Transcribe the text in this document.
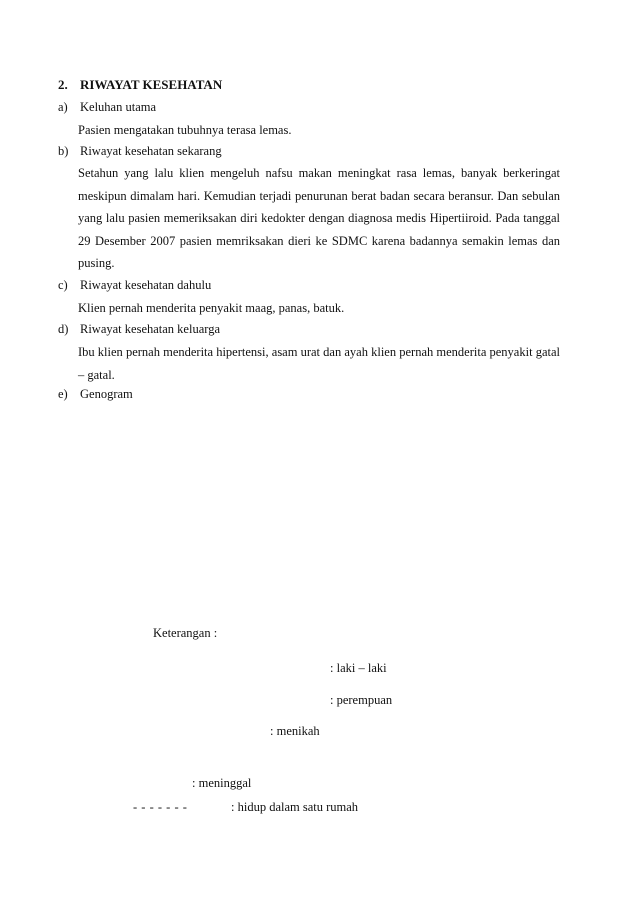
2. RIWAYAT KESEHATAN
a) Keluhan utama
Pasien mengatakan tubuhnya terasa lemas.
b) Riwayat kesehatan sekarang
Setahun yang lalu klien mengeluh nafsu makan meningkat rasa lemas, banyak berkeringat meskipun dimalam hari. Kemudian terjadi penurunan berat badan secara beransur. Dan sebulan yang lalu pasien memeriksakan diri kedokter dengan diagnosa medis Hipertiiroid. Pada tanggal 29 Desember 2007 pasien memriksakan dieri ke SDMC karena badannya semakin lemas dan pusing.
c) Riwayat kesehatan dahulu
Klien pernah menderita penyakit maag, panas, batuk.
d) Riwayat kesehatan keluarga
Ibu klien pernah menderita hipertensi, asam urat dan ayah klien pernah menderita penyakit gatal – gatal.
e) Genogram
Keterangan :
: laki – laki
: perempuan
: menikah
: meninggal
- - - - - - -	: hidup dalam satu rumah
